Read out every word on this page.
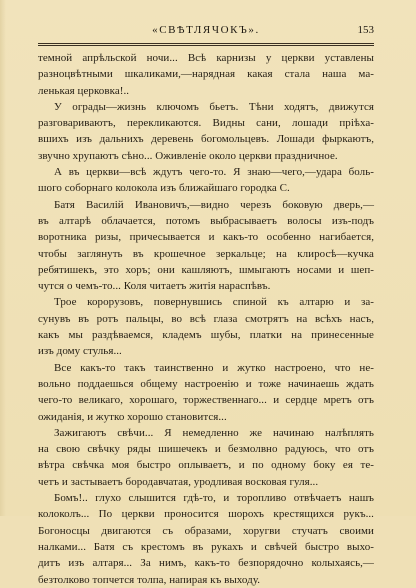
«СВѢТЛЯЧОКЪ».	153
темной апрѣльской ночи... Всѣ карнизы у церкви уставлены
разноцвѣтными шкаликами,—нарядная какая стала наша ма-
ленькая церковка!..
У ограды—жизнь ключомъ бьетъ. Тѣни ходятъ, движутся
разговариваютъ, перекликаются. Видны сани, лошади пріѣха-
вшихъ изъ дальнихъ деревень богомольцевъ. Лошади фыркаютъ,
звучно хрупаютъ сѣно... Оживленіе около церкви праздничное.
А въ церкви—всѣ ждутъ чего-то. Я знаю—чего,—удара боль-
шого соборнаго колокола изъ ближайшаго городка С.
Батя Василій Ивановичъ,—видно черезъ боковую дверь,—
въ алтарѣ облачается, потомъ выбрасываетъ волосы изъ-подъ
воротника ризы, причесывается и какъ-то особенно нагибается,
чтобы заглянуть въ крошечное зеркальце; на клиросѣ—кучка
ребятишекъ, это хоръ; они кашляютъ, шмыгаютъ носами и шеп-
чутся о чемъ-то... Коля читаетъ житія нараспѣвъ.
Трое корopузовъ, повернувшись спиной къ алтарю и за-
сунувъ въ ротъ пальцы, во всѣ глаза смотрятъ на всѣхъ насъ,
какъ мы раздѣваемся, кладемъ шубы, платки на принесенные
изъ дому стулья...
Все какъ-то такъ таинственно и жутко настроено, что не-
вольно поддаешься общему настроенію и тоже начинаешь ждать
чего-то великаго, хорошаго, торжественнаго... и сердце мретъ отъ
ожиданія, и жутко хорошо становится...
Зажигаютъ свѣчи... Я немедленно же начинаю налѣплять
на свою свѣчку ряды шишечекъ и безмолвно радуюсь, что отъ
вѣтра свѣчка моя быстро оплываетъ, и по одному боку ея те-
четъ и застываетъ бородавчатая, уродливая восковая гуля...
Бомъ!.. глухо слышится гдѣ-то, и торопливо отвѣчаетъ нашъ
колоколъ... По церкви проносится шорохъ крестящихся рукъ...
Богоносцы двигаются съ образами, хоругви стучатъ своими
налками... Батя съ крестомъ въ рукахъ и свѣчей быстро выхо-
дитъ изъ алтаря... За нимъ, какъ-то безпорядочно колыхаясь,—
безтолково топчется толпа, напирая къ выходу.
